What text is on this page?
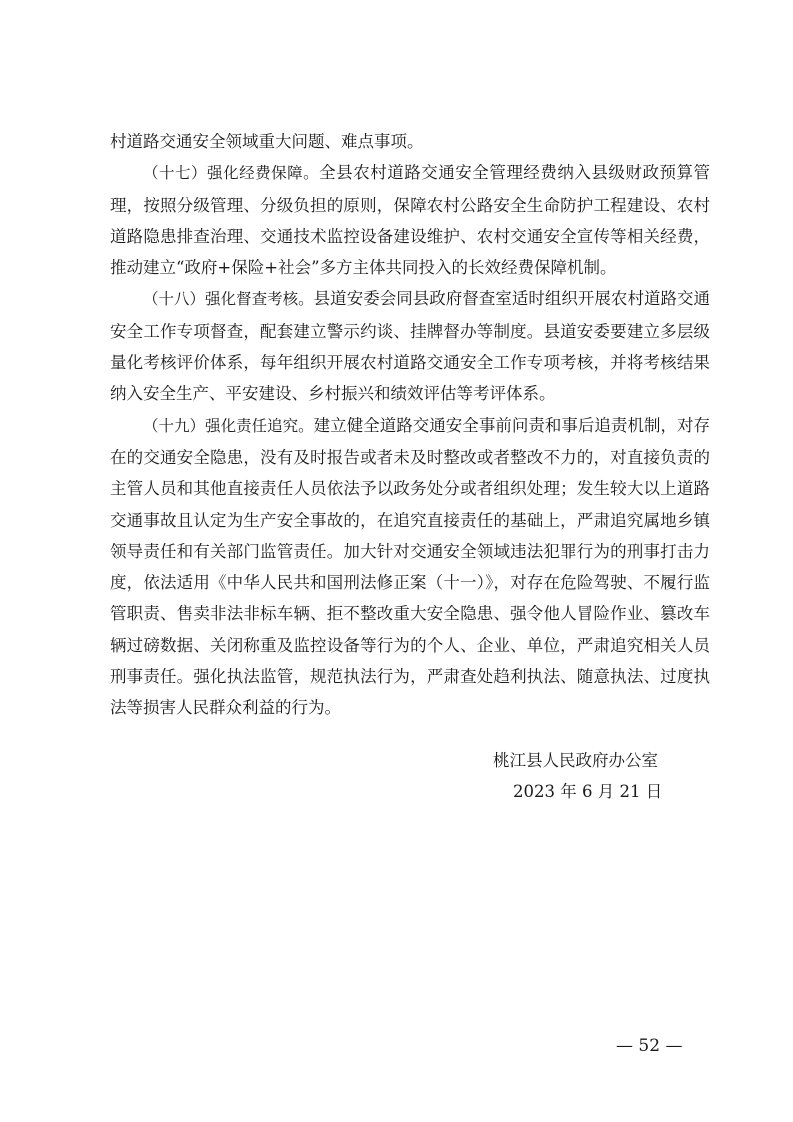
村道路交通安全领域重大问题、难点事项。

（十七）强化经费保障。全县农村道路交通安全管理经费纳入县级财政预算管理，按照分级管理、分级负担的原则，保障农村公路安全生命防护工程建设、农村道路隐患排查治理、交通技术监控设备建设维护、农村交通安全宣传等相关经费，推动建立“政府+保险+社会”多方主体共同投入的长效经费保障机制。

（十八）强化督查考核。县道安委会同县政府督查室适时组织开展农村道路交通安全工作专项督查，配套建立警示约谈、挂牌督办等制度。县道安委要建立多层级量化考核评价体系，每年组织开展农村道路交通安全工作专项考核，并将考核结果纳入安全生产、平安建设、乡村振兴和绩效评估等考评体系。

（十九）强化责任追究。建立健全道路交通安全事前问责和事后追责机制，对存在的交通安全隐患，没有及时报告或者未及时整改或者整改不力的，对直接负责的主管人员和其他直接责任人员依法予以政务处分或者组织处理；发生较大以上道路交通事故且认定为生产安全事故的，在追究直接责任的基础上，严肃追究属地乡镇领导责任和有关部门监管责任。加大针对交通安全领域违法犯罪行为的刑事打击力度，依法适用《中华人民共和国刑法修正案（十一）》，对存在危险驾驶、不履行监管职责、售卖非法非标车辆、拒不整改重大安全隐患、强令他人冒险作业、篡改车辆过磅数据、关闭称重及监控设备等行为的个人、企业、单位，严肃追究相关人员刑事责任。强化执法监管，规范执法行为，严肃查处趋利执法、随意执法、过度执法等损害人民群众利益的行为。

桃江县人民政府办公室
2023 年 6 月 21 日
— 52 —
